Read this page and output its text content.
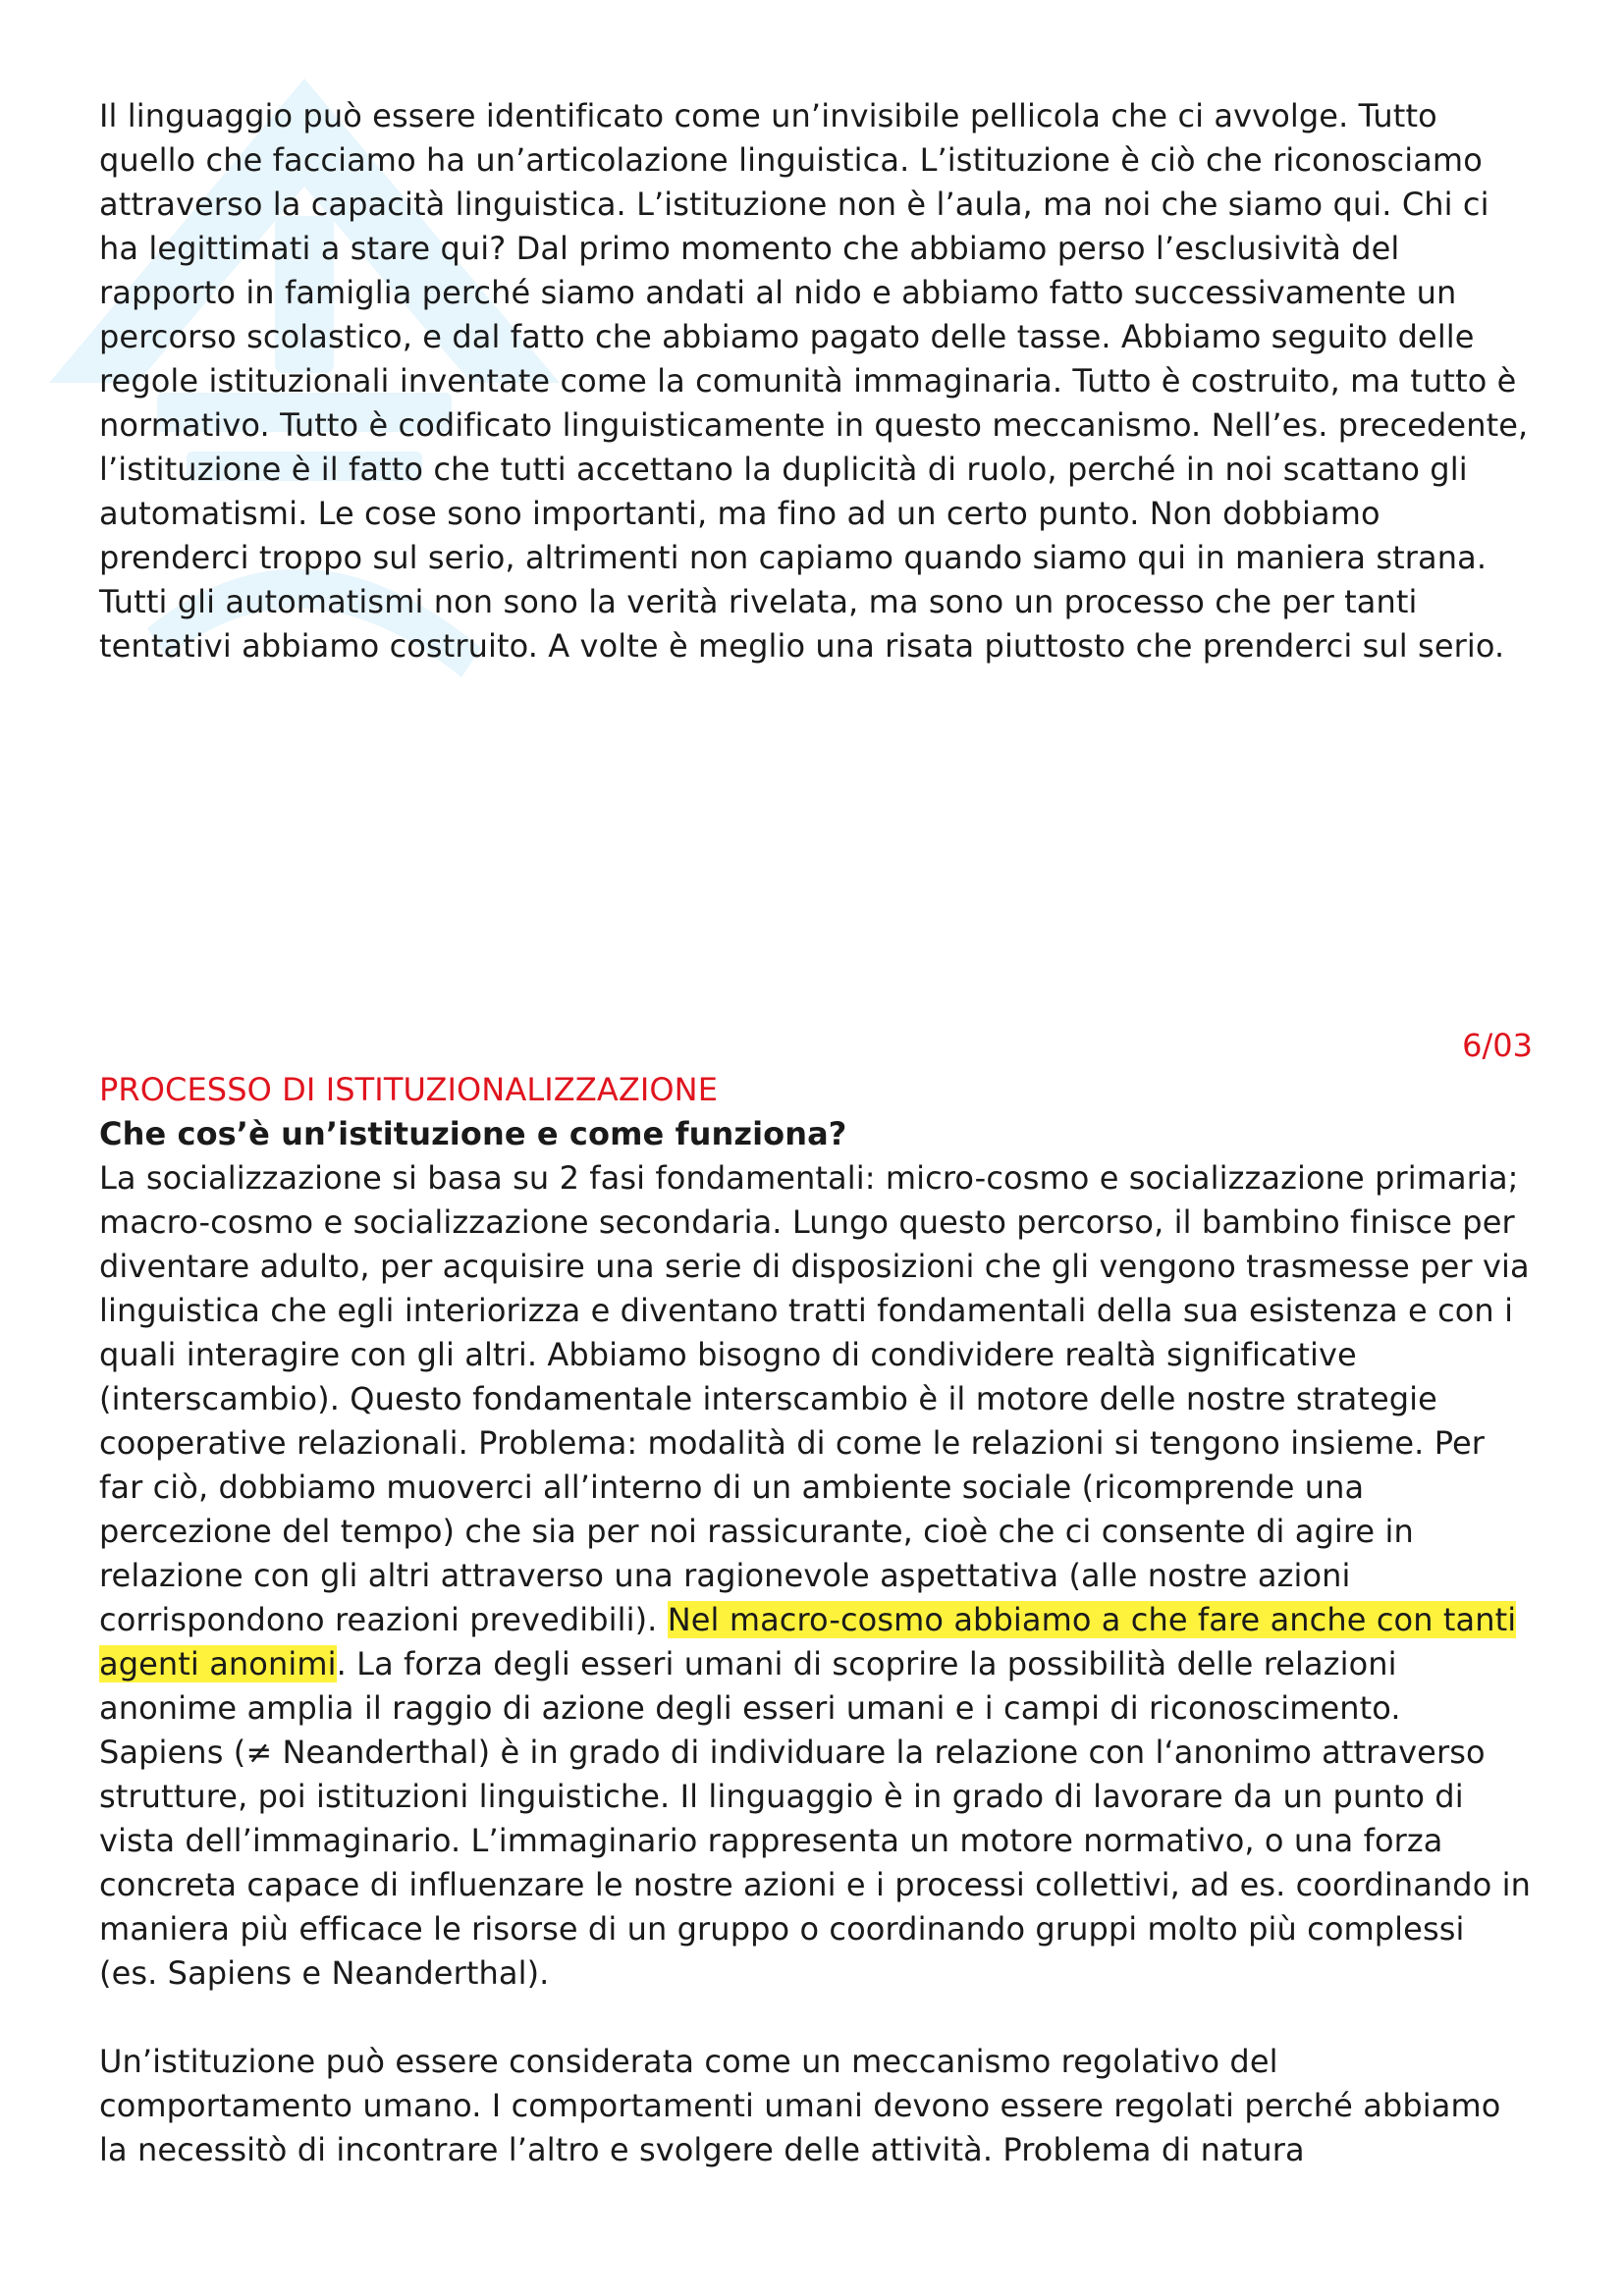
Il linguaggio può essere identificato come un’invisibile pellicola che ci avvolge. Tutto quello che facciamo ha un’articolazione linguistica. L’istituzione è ciò che riconosciamo attraverso la capacità linguistica. L’istituzione non è l’aula, ma noi che siamo qui. Chi ci ha legittimati a stare qui? Dal primo momento che abbiamo perso l’esclusività del rapporto in famiglia perché siamo andati al nido e abbiamo fatto successivamente un percorso scolastico, e dal fatto che abbiamo pagato delle tasse. Abbiamo seguito delle regole istituzionali inventate come la comunità immaginaria. Tutto è costruito, ma tutto è normativo. Tutto è codificato linguisticamente in questo meccanismo. Nell’es. precedente, l’istituzione è il fatto che tutti accettano la duplicità di ruolo, perché in noi scattano gli automatismi. Le cose sono importanti, ma fino ad un certo punto. Non dobbiamo prenderci troppo sul serio, altrimenti non capiamo quando siamo qui in maniera strana. Tutti gli automatismi non sono la verità rivelata, ma sono un processo che per tanti tentativi abbiamo costruito. A volte è meglio una risata piuttosto che prenderci sul serio.

6/03

PROCESSO DI ISTITUZIONALIZZAZIONE

Che cos’è un’istituzione e come funziona?

La socializzazione si basa su 2 fasi fondamentali: micro-cosmo e socializzazione primaria; macro-cosmo e socializzazione secondaria. Lungo questo percorso, il bambino finisce per diventare adulto, per acquisire una serie di disposizioni che gli vengono trasmesse per via linguistica che egli interiorizza e diventano tratti fondamentali della sua esistenza e con i quali interagire con gli altri. Abbiamo bisogno di condividere realtà significative (interscambio). Questo fondamentale interscambio è il motore delle nostre strategie cooperative relazionali. Problema: modalità di come le relazioni si tengono insieme. Per far ciò, dobbiamo muoverci all’interno di un ambiente sociale (ricomprende una percezione del tempo) che sia per noi rassicurante, cioè che ci consente di agire in relazione con gli altri attraverso una ragionevole aspettativa (alle nostre azioni corrispondono reazioni prevedibili). Nel macro-cosmo abbiamo a che fare anche con tanti agenti anonimi. La forza degli esseri umani di scoprire la possibilità delle relazioni anonime amplia il raggio di azione degli esseri umani e i campi di riconoscimento. Sapiens (≠ Neanderthal) è in grado di individuare la relazione con l‘anonimo attraverso strutture, poi istituzioni linguistiche. Il linguaggio è in grado di lavorare da un punto di vista dell’immaginario. L’immaginario rappresenta un motore normativo, o una forza concreta capace di influenzare le nostre azioni e i processi collettivi, ad es. coordinando in maniera più efficace le risorse di un gruppo o coordinando gruppi molto più complessi (es. Sapiens e Neanderthal).

Un’istituzione può essere considerata come un meccanismo regolativo del comportamento umano. I comportamenti umani devono essere regolati perché abbiamo la necessitò di incontrare l’altro e svolgere delle attività. Problema di natura
